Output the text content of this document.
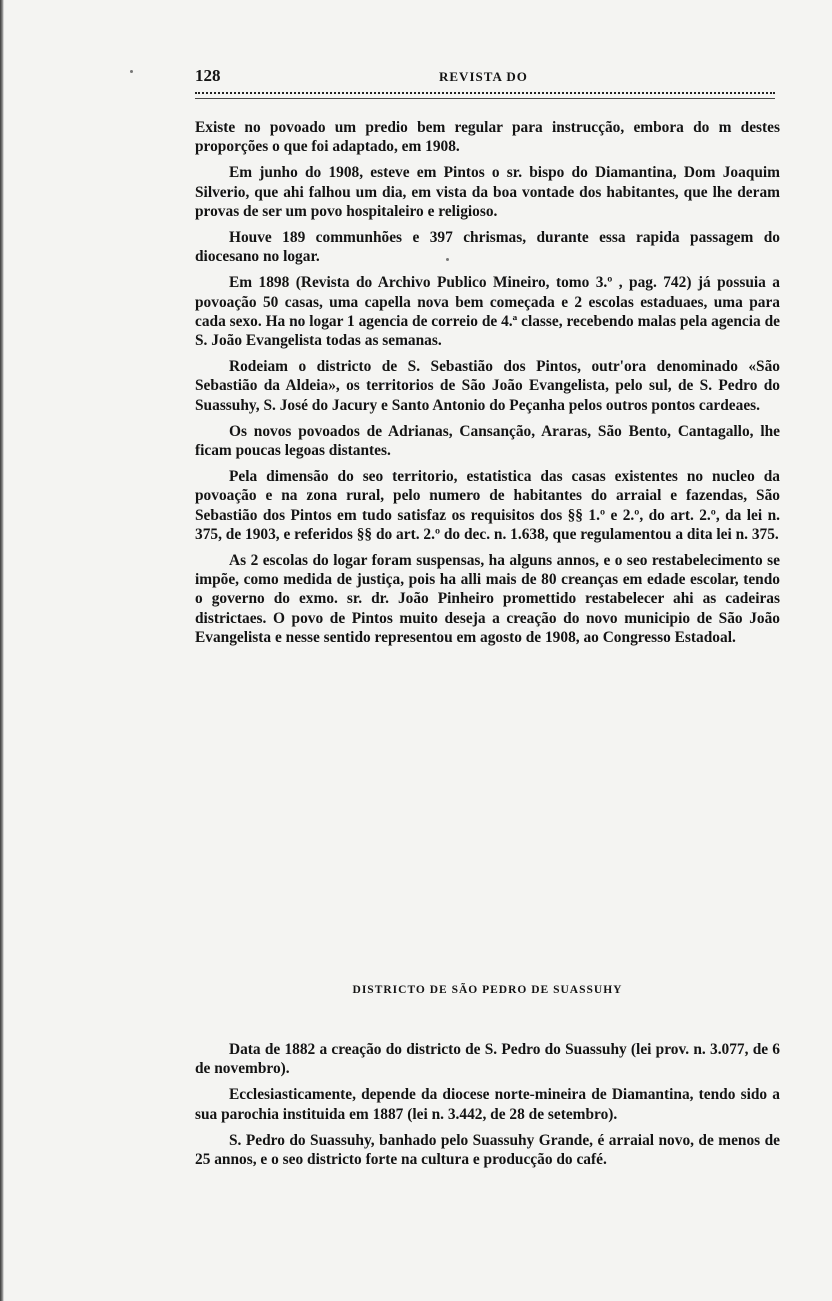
128	REVISTA DO

Existe no povoado um predio bem regular para instrucção, embora do m destes proporções o que foi adaptado, em 1908.

Em junho do 1908, esteve em Pintos o sr. bispo do Diamantina, Dom Joaquim Silverio, que ahi falhou um dia, em vista da boa vontade dos habitantes, que lhe deram provas de ser um povo hospitaleiro e religioso.

Houve 189 communhões e 397 chrismas, durante essa rapida passagem do diocesano no logar.

Em 1898 (Revista do Archivo Publico Mineiro, tomo 3.º , pag. 742) já possuia a povoação 50 casas, uma capella nova bem começada e 2 escolas estaduaes, uma para cada sexo. Ha no logar 1 agencia de correio de 4.ª classe, recebendo malas pela agencia de S. João Evangelista todas as semanas.

Rodeiam o districto de S. Sebastião dos Pintos, outr'ora denominado «São Sebastião da Aldeia», os territorios de São João Evangelista, pelo sul, de S. Pedro do Suassuhy, S. José do Jacury e Santo Antonio do Peçanha pelos outros pontos cardeaes.

Os novos povoados de Adrianas, Cansanção, Araras, São Bento, Cantagallo, lhe ficam poucas legoas distantes.

Pela dimensão do seo territorio, estatistica das casas existentes no nucleo da povoação e na zona rural, pelo numero de habitantes do arraial e fazendas, São Sebastião dos Pintos em tudo satisfaz os requisitos dos §§ 1.º e 2.º, do art. 2.º, da lei n. 375, de 1903, e referidos §§ do art. 2.º do dec. n. 1.638, que regulamentou a dita lei n. 375.

As 2 escolas do logar foram suspensas, ha alguns annos, e o seo restabelecimento se impõe, como medida de justiça, pois ha alli mais de 80 creanças em edade escolar, tendo o governo do exmo. sr. dr. João Pinheiro promettido restabelecer ahi as cadeiras districtaes. O povo de Pintos muito deseja a creação do novo municipio de São João Evangelista e nesse sentido representou em agosto de 1908, ao Congresso Estadoal.

DISTRICTO DE SÃO PEDRO DE SUASSUHY

Data de 1882 a creação do districto de S. Pedro do Suassuhy (lei prov. n. 3.077, de 6 de novembro).

Ecclesiasticamente, depende da diocese norte-mineira de Diamantina, tendo sido a sua parochia instituida em 1887 (lei n. 3.442, de 28 de setembro).

S. Pedro do Suassuhy, banhado pelo Suassuhy Grande, é arraial novo, de menos de 25 annos, e o seo districto forte na cultura e producção do café.
